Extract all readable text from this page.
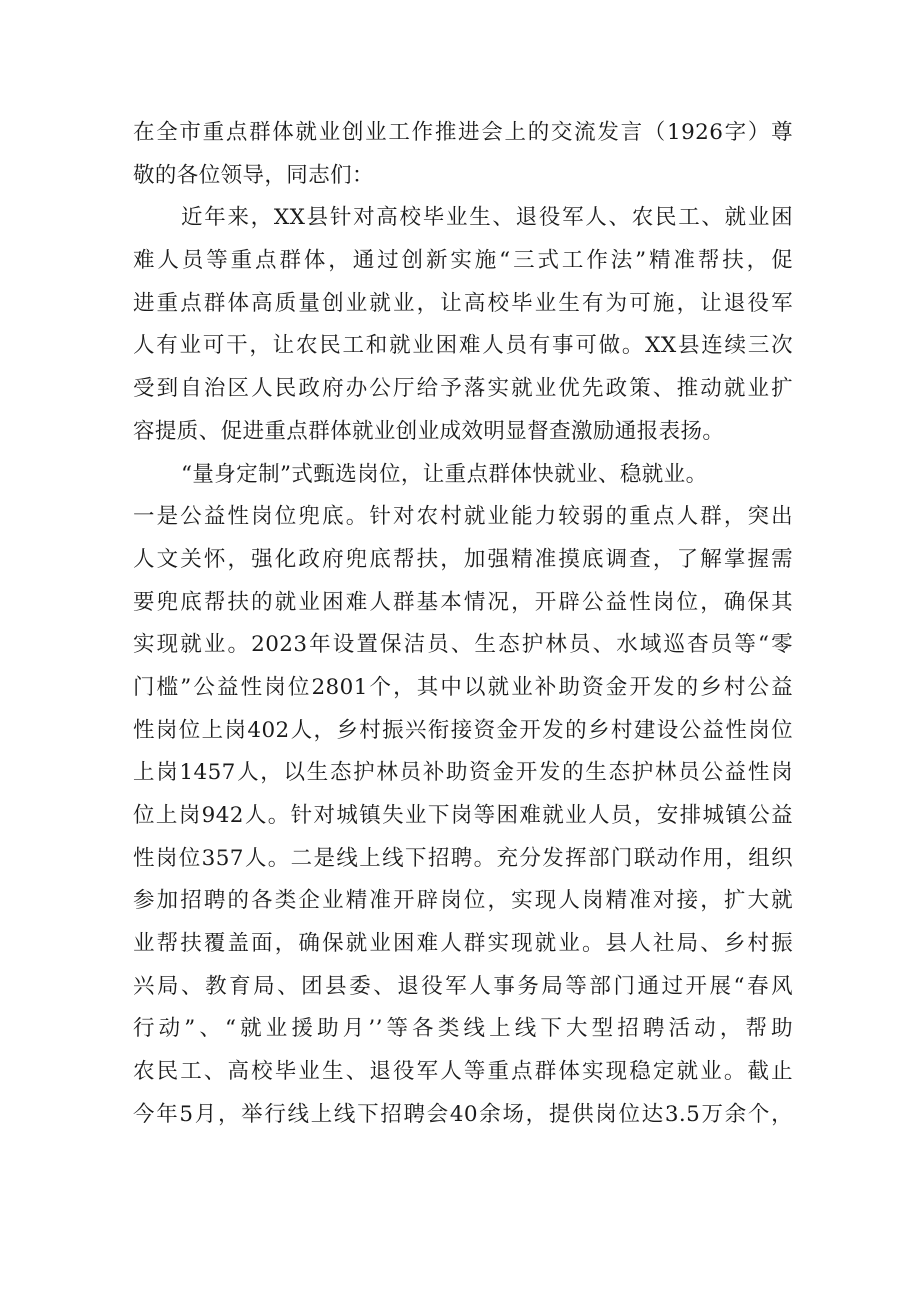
在全市重点群体就业创业工作推进会上的交流发言（1926字）尊
敬的各位领导，同志们：
近年来，XX县针对高校毕业生、退役军人、农民工、就业困
难人员等重点群体，通过创新实施“三式工作法”精准帮扶，促
进重点群体高质量创业就业，让高校毕业生有为可施，让退役军
人有业可干，让农民工和就业困难人员有事可做。XX县连续三次
受到自治区人民政府办公厅给予落实就业优先政策、推动就业扩
容提质、促进重点群体就业创业成效明显督查激励通报表扬。
“量身定制”式甄选岗位，让重点群体快就业、稳就业。
一是公益性岗位兜底。针对农村就业能力较弱的重点人群，突出
人文关怀，强化政府兜底帮扶，加强精准摸底调查，了解掌握需
要兜底帮扶的就业困难人群基本情况，开辟公益性岗位，确保其
实现就业。2023年设置保洁员、生态护林员、水域巡杳员等“零
门槛”公益性岗位2801个，其中以就业补助资金开发的乡村公益
性岗位上岗402人，乡村振兴衔接资金开发的乡村建设公益性岗位
上岗1457人，以生态护林员补助资金开发的生态护林员公益性岗
位上岗942人。针对城镇失业下岗等困难就业人员，安排城镇公益
性岗位357人。二是线上线下招聘。充分发挥部门联动作用，组织
参加招聘的各类企业精准开辟岗位，实现人岗精准对接，扩大就
业帮扶覆盖面，确保就业困难人群实现就业。县人社局、乡村振
兴局、教育局、团县委、退役军人事务局等部门通过开展“春风
行动”、“就业援助月’’等各类线上线下大型招聘活动，帮助
农民工、高校毕业生、退役军人等重点群体实现稳定就业。截止
今年5月，举行线上线下招聘会40余场，提供岗位达3.5万余个，
